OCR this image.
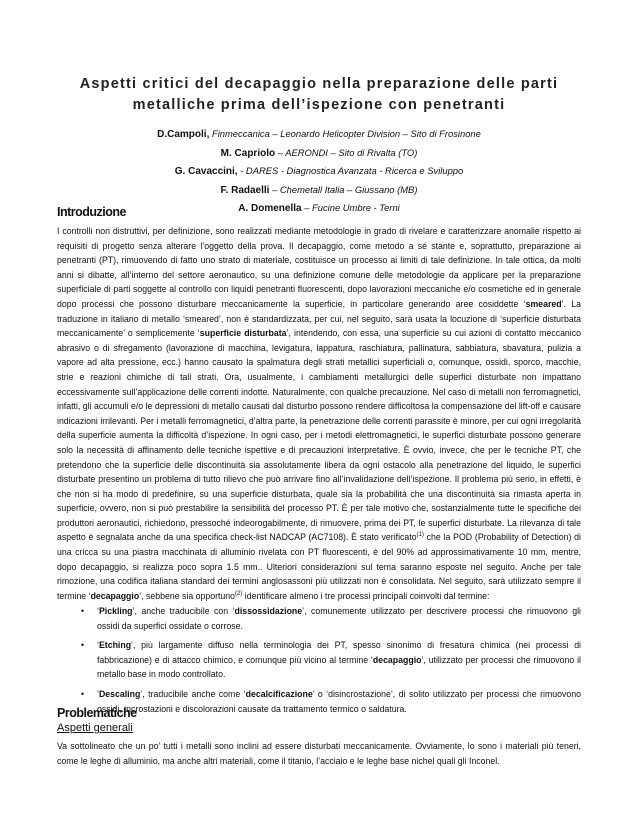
Aspetti critici del decapaggio nella preparazione delle parti
metalliche prima dell’ispezione con penetranti
D.Campoli, Finmeccanica – Leonardo Helicopter Division – Sito di Frosinone
M. Capriolo – AERONDI – Sito di Rivalta (TO)
G. Cavaccini, - DARES - Diagnostica Avanzata - Ricerca e Sviluppo
F. Radaelli – Chemetall Italia – Giussano (MB)
A. Domenella – Fucine Umbre - Terni
Introduzione

I controlli non distruttivi, per definizione, sono realizzati mediante metodologie in grado di rivelare e caratterizzare anomalie rispetto ai requisiti di progetto senza alterare l’oggetto della prova. Il decapaggio, come metodo a sé stante e, soprattutto, preparazione ai penetranti (PT), rimuovendo di fatto uno strato di materiale, costituisce un processo ai limiti di tale definizione. In tale ottica, da molti anni si dibatte, all’interno del settore aeronautico, su una definizione comune delle metodologie da applicare per la preparazione superficiale di parti soggette al controllo con liquidi penetranti fluorescenti, dopo lavorazioni meccaniche e/o cosmetiche ed in generale dopo processi che possono disturbare meccanicamente la superficie, in particolare generando aree cosiddette ‘smeared’. La traduzione in italiano di metallo ‘smeared’, non è standardizzata, per cui, nel seguito, sarà usata la locuzione di ‘superficie disturbata meccanicamente’ o semplicemente ‘superficie disturbata’, intendendo, con essa, una superficie su cui azioni di contatto meccanico abrasivo o di sfregamento (lavorazione di macchina, levigatura, lappatura, raschiatura, pallinatura, sabbiatura, sbavatura, pulizia a vapore ad alta pressione, ecc.) hanno causato la spalmatura degli strati metallici superficiali o, comunque, ossidi, sporco, macchie, strie e reazioni chimiche di tali strati. Ora, usualmente, i cambiamenti metallurgici delle superfici disturbate non impattano eccessivamente sull’applicazione delle correnti indotte. Naturalmente, con qualche precauzione. Nel caso di metalli non ferromagnetici, infatti, gli accumuli e/o le depressioni di metallo causati dal disturbo possono rendere difficoltosa la compensazione del lift-off e causare indicazioni irrilevanti. Per i metalli ferromagnetici, d’altra parte, la penetrazione delle correnti parassite è minore, per cui ogni irregolarità della superficie aumenta la difficoltà d’ispezione. In ogni caso, per i metodi elettromagnetici, le superfici disturbate possono generare solo la necessità di affinamento delle tecniche ispettive e di precauzioni interpretative. È ovvio, invece, che per le tecniche PT, che pretendono che la superficie delle discontinuità sia assolutamente libera da ogni ostacolo alla penetrazione del liquido, le superfici disturbate presentino un problema di tutto rilievo che può arrivare fino all’invalidazione dell’ispezione. Il problema più serio, in effetti, è che non si ha modo di predefinire, su una superficie disturbata, quale sia la probabilità che una discontinuità sia rimasta aperta in superficie, ovvero, non si può prestabilire la sensibilità del processo PT. È per tale motivo che, sostanzialmente tutte le specifiche dei produttori aeronautici, richiedono, pressoché indeorogabilmente, di rimuovere, prima dei PT, le superfici disturbate. La rilevanza di tale aspetto è segnalata anche da una specifica check-list NADCAP (AC7108). È stato verificato$^{(1)}$ che la POD (Probability of Detection) di una cricca su una piastra macchinata di alluminio rivelata con PT fluorescenti, è del 90% ad approssimativamente 10 mm, mentre, dopo decapaggio, si realizza poco sopra 1.5 mm.. Ulteriori considerazioni sul tema saranno esposte nel seguito. Anche per tale rimozione, una codifica italiana standard dei termini anglosassoni più utilizzati non è consolidata. Nel seguito, sarà utilizzato sempre il termine ‘decapaggio’, sebbene sia opportuno$^{(2)}$ identificare almeno i tre processi principali coinvolti dal termine:

• ‘Pickling’, anche traducibile con ‘dissossidazione’, comunemente utilizzato per descrivere processi che rimuovono gli ossidi da superfici ossidate o corrose.
• ‘Etching’, più largamente diffuso nella terminologia dei PT, spesso sinonimo di fresatura chimica (nei processi di fabbricazione) e di attacco chimico, e comunque più vicino al termine ‘decapaggio’, utilizzato per processi che rimuovono il metallo base in modo controllato.
• ‘Descaling’, traducibile anche come ‘decalcificazione’ o ‘disincrostazione’, di solito utilizzato per processi che rimuovono ossidi, incrostazioni e discolorazioni causate da trattamento termico o saldatura.
Problematiche
Aspetti generali
Va sottolineato che un po’ tutti i metalli sono inclini ad essere disturbati meccanicamente. Ovviamente, lo sono i materiali più teneri, come le leghe di alluminio, ma anche altri materiali, come il titanio, l’acciaio e le leghe base nichel quali gli Inconel.
